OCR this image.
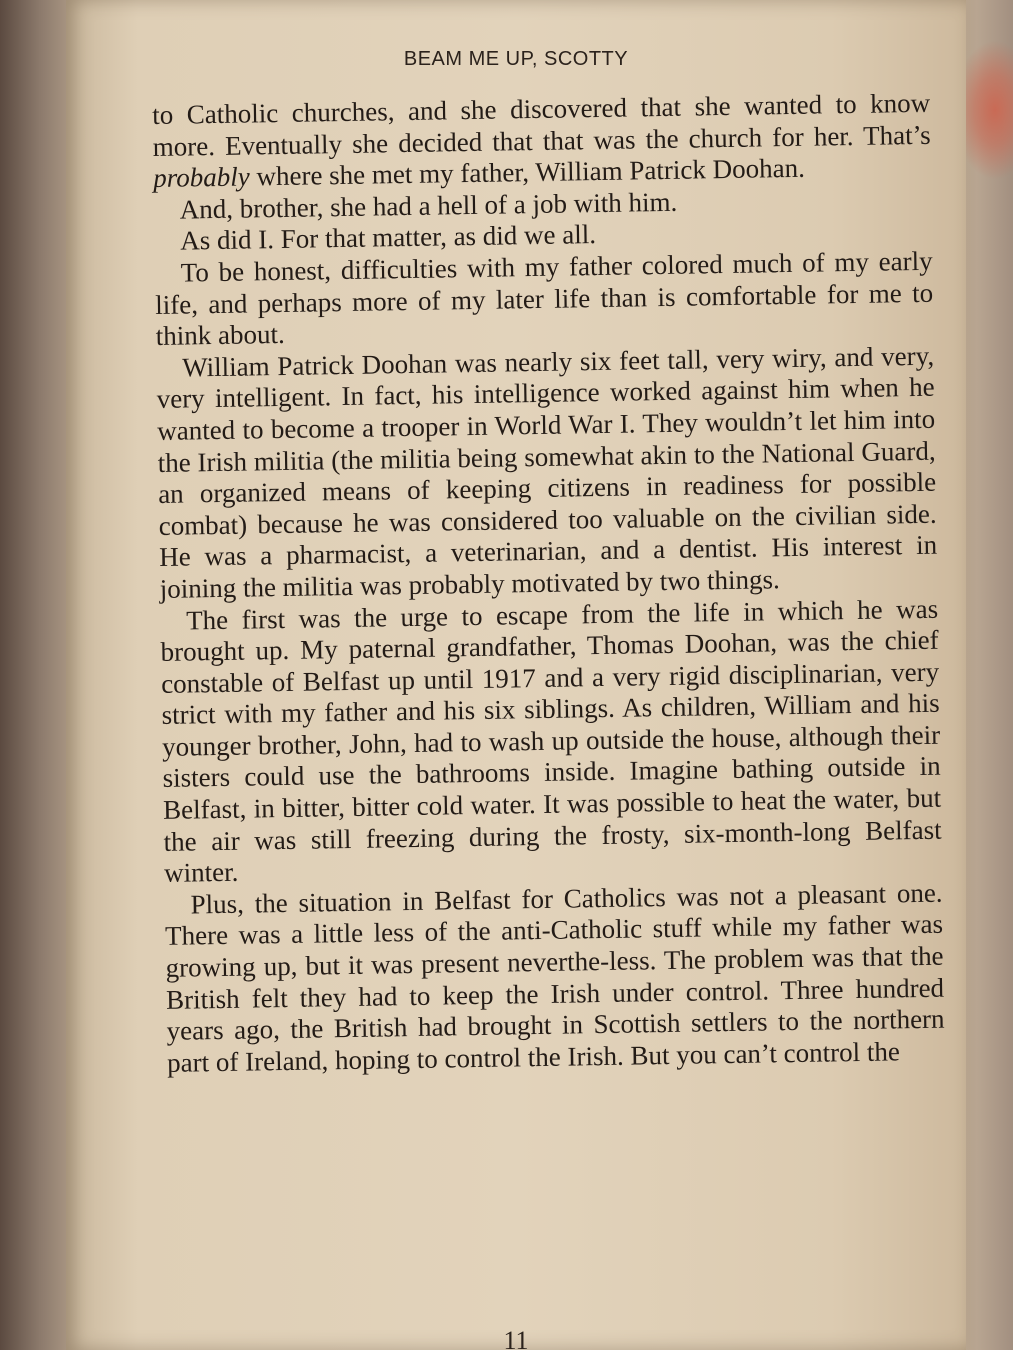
BEAM ME UP, SCOTTY

to Catholic churches, and she discovered that she wanted to know more. Eventually she decided that that was the church for her. That’s probably where she met my father, William Patrick Doohan.

And, brother, she had a hell of a job with him.

As did I. For that matter, as did we all.

To be honest, difficulties with my father colored much of my early life, and perhaps more of my later life than is comfortable for me to think about.

William Patrick Doohan was nearly six feet tall, very wiry, and very, very intelligent. In fact, his intelligence worked against him when he wanted to become a trooper in World War I. They wouldn’t let him into the Irish militia (the militia being somewhat akin to the National Guard, an organized means of keeping citizens in readiness for possible combat) because he was considered too valuable on the civilian side. He was a pharmacist, a veterinarian, and a dentist. His interest in joining the militia was probably motivated by two things.

The first was the urge to escape from the life in which he was brought up. My paternal grandfather, Thomas Doohan, was the chief constable of Belfast up until 1917 and a very rigid disciplinarian, very strict with my father and his six siblings. As children, William and his younger brother, John, had to wash up outside the house, although their sisters could use the bathrooms inside. Imagine bathing outside in Belfast, in bitter, bitter cold water. It was possible to heat the water, but the air was still freezing during the frosty, six-month-long Belfast winter.

Plus, the situation in Belfast for Catholics was not a pleasant one. There was a little less of the anti-Catholic stuff while my father was growing up, but it was present neverthe-less. The problem was that the British felt they had to keep the Irish under control. Three hundred years ago, the British had brought in Scottish settlers to the northern part of Ireland, hoping to control the Irish. But you can’t control the

11
